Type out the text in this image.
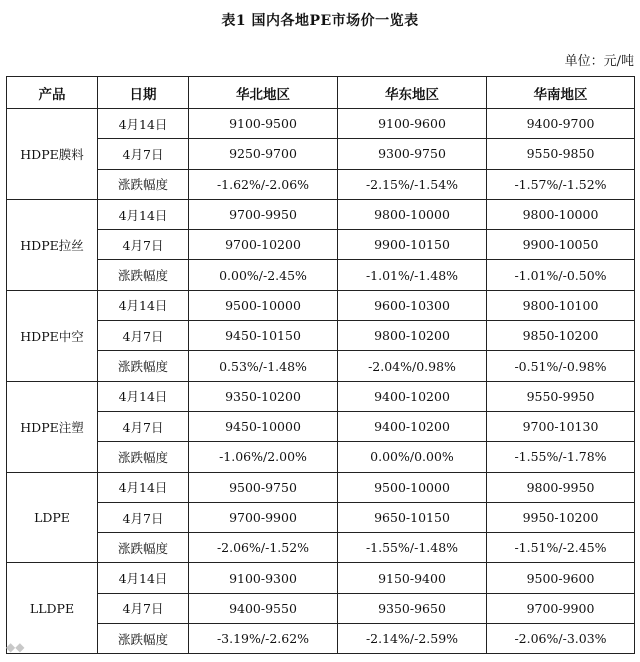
表1 国内各地PE市场价一览表
单位：元/吨
产品	日期	华北地区	华东地区	华南地区
HDPE膜料	4月14日	9100-9500	9100-9600	9400-9700
	4月7日	9250-9700	9300-9750	9550-9850
	涨跌幅度	-1.62%/-2.06%	-2.15%/-1.54%	-1.57%/-1.52%
HDPE拉丝	4月14日	9700-9950	9800-10000	9800-10000
	4月7日	9700-10200	9900-10150	9900-10050
	涨跌幅度	0.00%/-2.45%	-1.01%/-1.48%	-1.01%/-0.50%
HDPE中空	4月14日	9500-10000	9600-10300	9800-10100
	4月7日	9450-10150	9800-10200	9850-10200
	涨跌幅度	0.53%/-1.48%	-2.04%/0.98%	-0.51%/-0.98%
HDPE注塑	4月14日	9350-10200	9400-10200	9550-9950
	4月7日	9450-10000	9400-10200	9700-10130
	涨跌幅度	-1.06%/2.00%	0.00%/0.00%	-1.55%/-1.78%
LDPE	4月14日	9500-9750	9500-10000	9800-9950
	4月7日	9700-9900	9650-10150	9950-10200
	涨跌幅度	-2.06%/-1.52%	-1.55%/-1.48%	-1.51%/-2.45%
LLDPE	4月14日	9100-9300	9150-9400	9500-9600
	4月7日	9400-9550	9350-9650	9700-9900
	涨跌幅度	-3.19%/-2.62%	-2.14%/-2.59%	-2.06%/-3.03%
◆◆
